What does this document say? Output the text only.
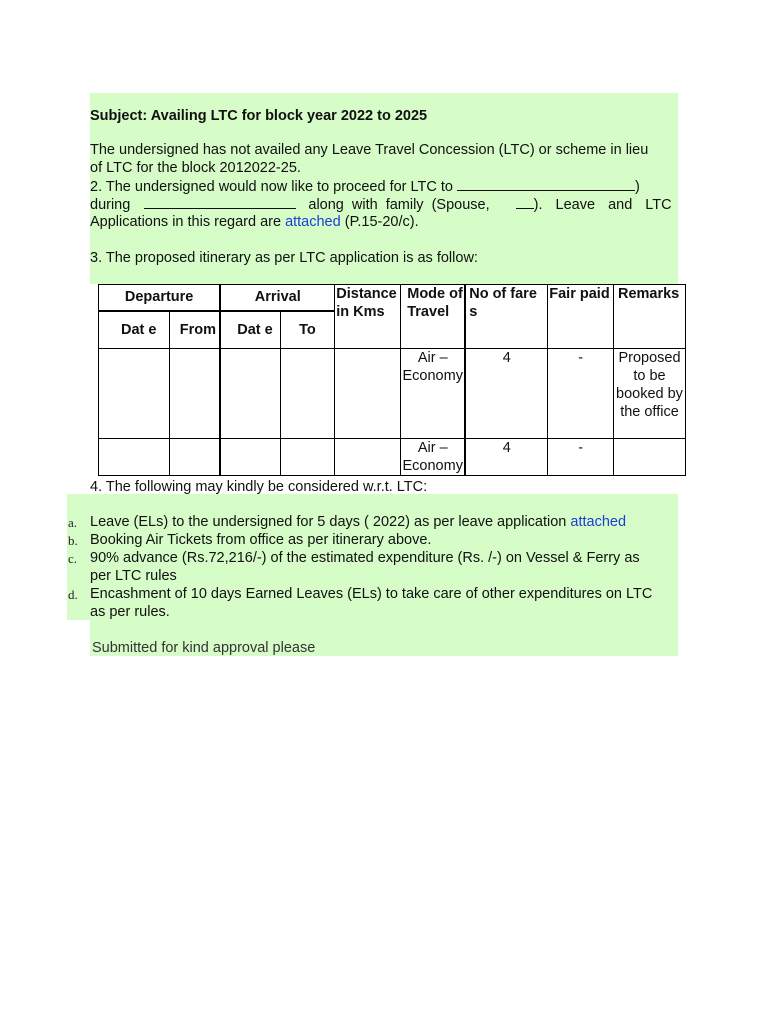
Subject: Availing LTC for block year 2022 to 2025
The undersigned has not availed any Leave Travel Concession (LTC) or scheme in lieu
of LTC for the block 2012022-25.
2. The undersigned would now like to proceed for LTC to	)
during	along with family (Spouse,	). Leave and LTC
Applications in this regard are attached (P.15-20/c).
3. The proposed itinerary as per LTC application is as follow:
Departure		Arrival		Distance in Kms	Mode of Travel	No of fare s	Fair paid	Remarks
Dat e	From	Dat e	To					
					Air – Economy	4	-	Proposed to be booked by the office
					Air – Economy	4	-	
4. The following may kindly be considered w.r.t. LTC:
a. Leave (ELs) to the undersigned for 5 days ( 2022) as per leave application attached
b. Booking Air Tickets from office as per itinerary above.
c. 90% advance (Rs.72,216/-) of the estimated expenditure (Rs. /-) on Vessel & Ferry as
per LTC rules
d. Encashment of 10 days Earned Leaves (ELs) to take care of other expenditures on LTC
as per rules.
Submitted for kind approval please
